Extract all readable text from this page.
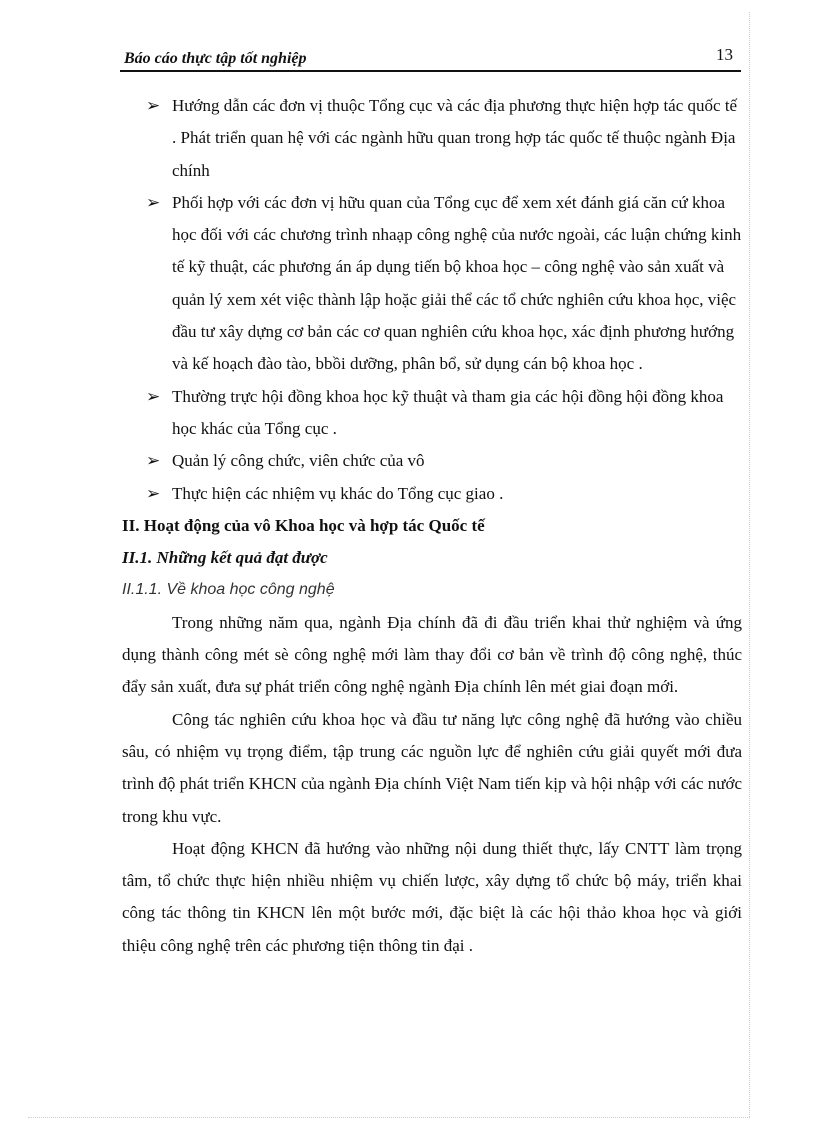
Báo cáo thực tập tốt nghiệp	13
➢ Hướng dẫn các đơn vị thuộc Tổng cục và các địa phương thực hiện hợp tác quốc tế . Phát triển quan hệ với các ngành hữu quan trong hợp tác quốc tế thuộc ngành Địa chính
➢ Phối hợp với các đơn vị hữu quan của Tổng cục để xem xét đánh giá căn cứ khoa học đối với các chương trình nhaạp công nghệ của nước ngoài, các luận chứng kinh tế kỹ thuật, các phương án áp dụng tiến bộ khoa học – công nghệ vào sản xuất và quản lý xem xét việc thành lập hoặc giải thể các tổ chức nghiên cứu khoa học, việc đầu tư xây dựng cơ bản các cơ quan nghiên cứu khoa học, xác định phương hướng và kế hoạch đào tào, bbồi dưỡng, phân bổ, sử dụng cán bộ khoa học .
➢ Thường trực hội đồng khoa học kỹ thuật và tham gia các hội đồng hội đồng khoa học khác của Tổng cục .
➢ Quản lý công chức, viên chức của vô
➢ Thực hiện các nhiệm vụ khác do Tổng cục giao .

II. Hoạt động của vô Khoa học và hợp tác Quốc tế

II.1. Những kết quả đạt được

II.1.1. Về khoa học công nghệ

Trong những năm qua, ngành Địa chính đã đi đầu triển khai thử nghiệm và ứng dụng thành công mét sè công nghệ mới làm thay đổi cơ bản về trình độ công nghệ, thúc đẩy sản xuất, đưa sự phát triển công nghệ ngành Địa chính lên mét giai đoạn mới.

Công tác nghiên cứu khoa học và đầu tư năng lực công nghệ đã hướng vào chiều sâu, có nhiệm vụ trọng điểm, tập trung các nguồn lực để nghiên cứu giải quyết mới đưa trình độ phát triển KHCN của ngành Địa chính Việt Nam tiến kịp và hội nhập với các nước trong khu vực.

Hoạt động KHCN đã hướng vào những nội dung thiết thực, lấy CNTT làm trọng tâm, tổ chức thực hiện nhiều nhiệm vụ chiến lược, xây dựng tổ chức bộ máy, triển khai công tác thông tin KHCN lên một bước mới, đặc biệt là các hội thảo khoa học và giới thiệu công nghệ trên các phương tiện thông tin đại .
